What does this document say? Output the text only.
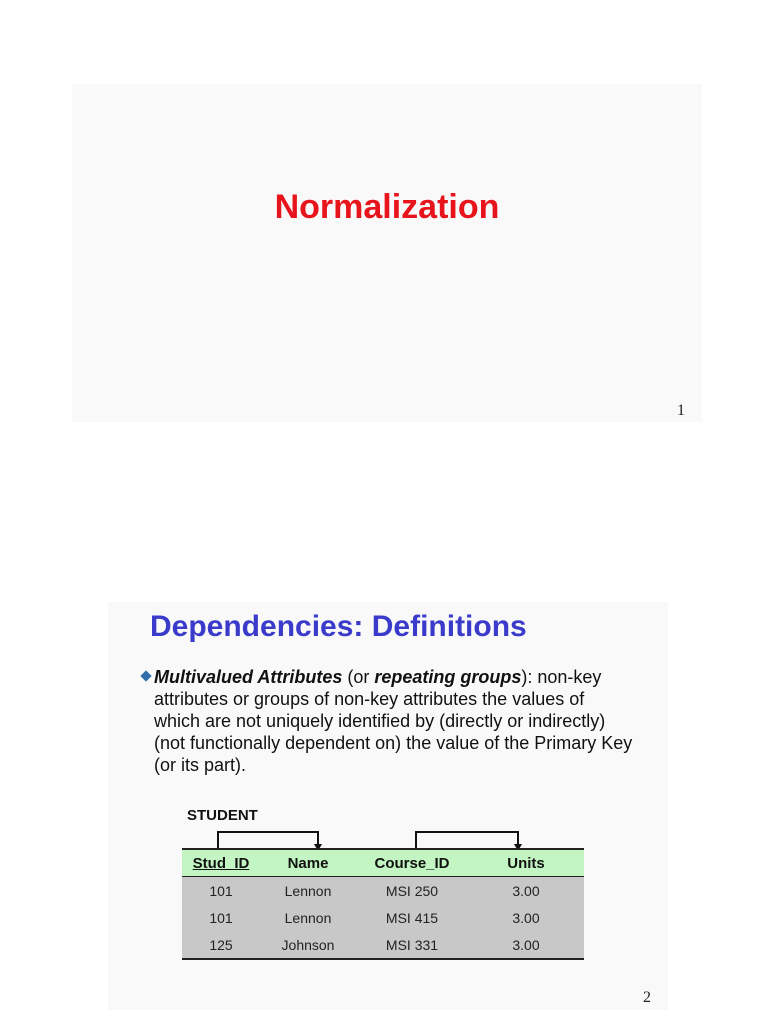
Normalization
1
Dependencies: Definitions
Multivalued Attributes (or repeating groups): non-key attributes or groups of non-key attributes the values of which are not uniquely identified by (directly or indirectly) (not functionally dependent on) the value of the Primary Key (or its part).
STUDENT
Stud_ID	Name	Course_ID	Units
101	Lennon	MSI 250	3.00
101	Lennon	MSI 415	3.00
125	Johnson	MSI 331	3.00
2
